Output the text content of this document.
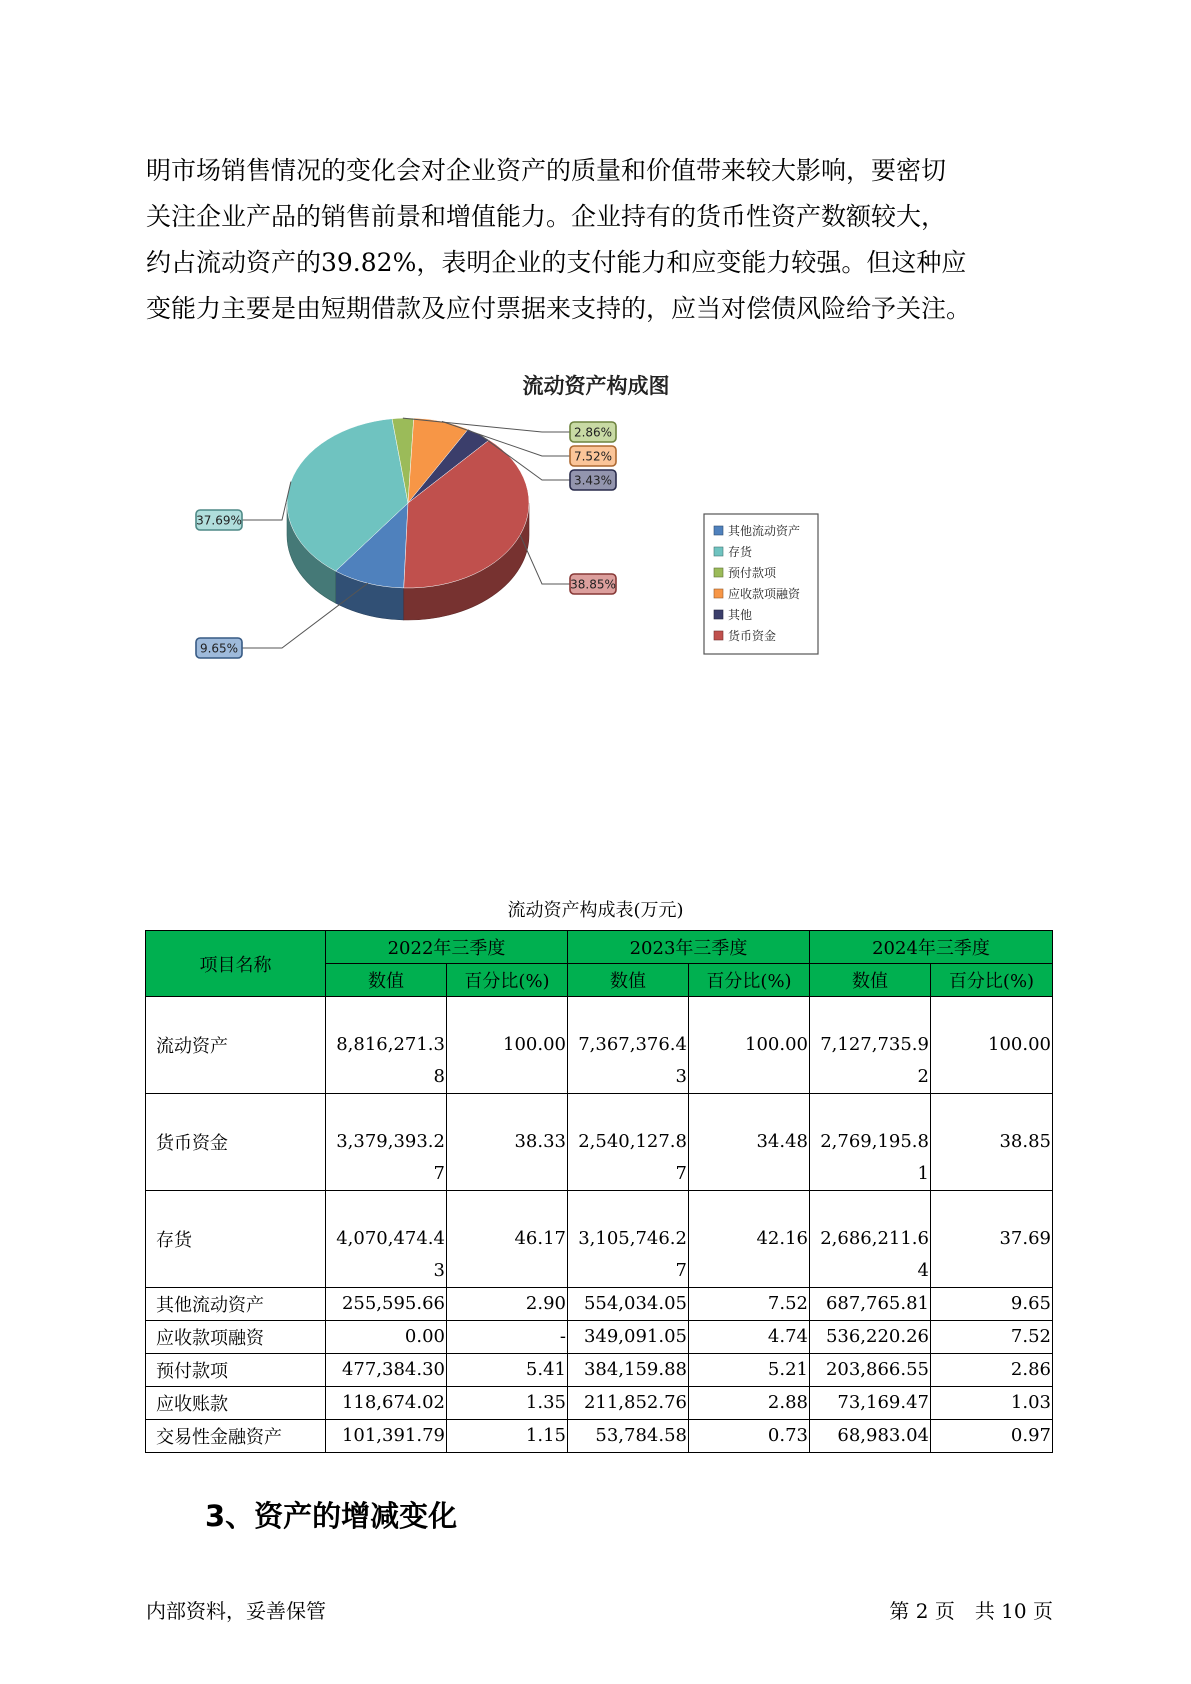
明市场销售情况的变化会对企业资产的质量和价值带来较大影响，要密切

关注企业产品的销售前景和增值能力。企业持有的货币性资产数额较大，

约占流动资产的39.82%，表明企业的支付能力和应变能力较强。但这种应

变能力主要是由短期借款及应付票据来支持的，应当对偿债风险给予关注。

流动资产构成图
9.65%
37.69%
2.86%
7.52%
3.43%
38.85%
其他流动资产
存货
预付款项
应收款项融资
其他
货币资金
流动资产构成表(万元)
项目名称	2022年三季度		2023年三季度		2024年三季度	
	数值	百分比(%)	数值	百分比(%)	数值	百分比(%)
流动资产	8,816,271.38	100.00	7,367,376.43	100.00	7,127,735.92	100.00
货币资金	3,379,393.27	38.33	2,540,127.87	34.48	2,769,195.81	38.85
存货	4,070,474.43	46.17	3,105,746.27	42.16	2,686,211.64	37.69
其他流动资产	255,595.66	2.90	554,034.05	7.52	687,765.81	9.65
应收款项融资	0.00	-	349,091.05	4.74	536,220.26	7.52
预付款项	477,384.30	5.41	384,159.88	5.21	203,866.55	2.86
应收账款	118,674.02	1.35	211,852.76	2.88	73,169.47	1.03
交易性金融资产	101,391.79	1.15	53,784.58	0.73	68,983.04	0.97
3、资产的增减变化
内部资料，妥善保管	第 2 页　共 10 页
